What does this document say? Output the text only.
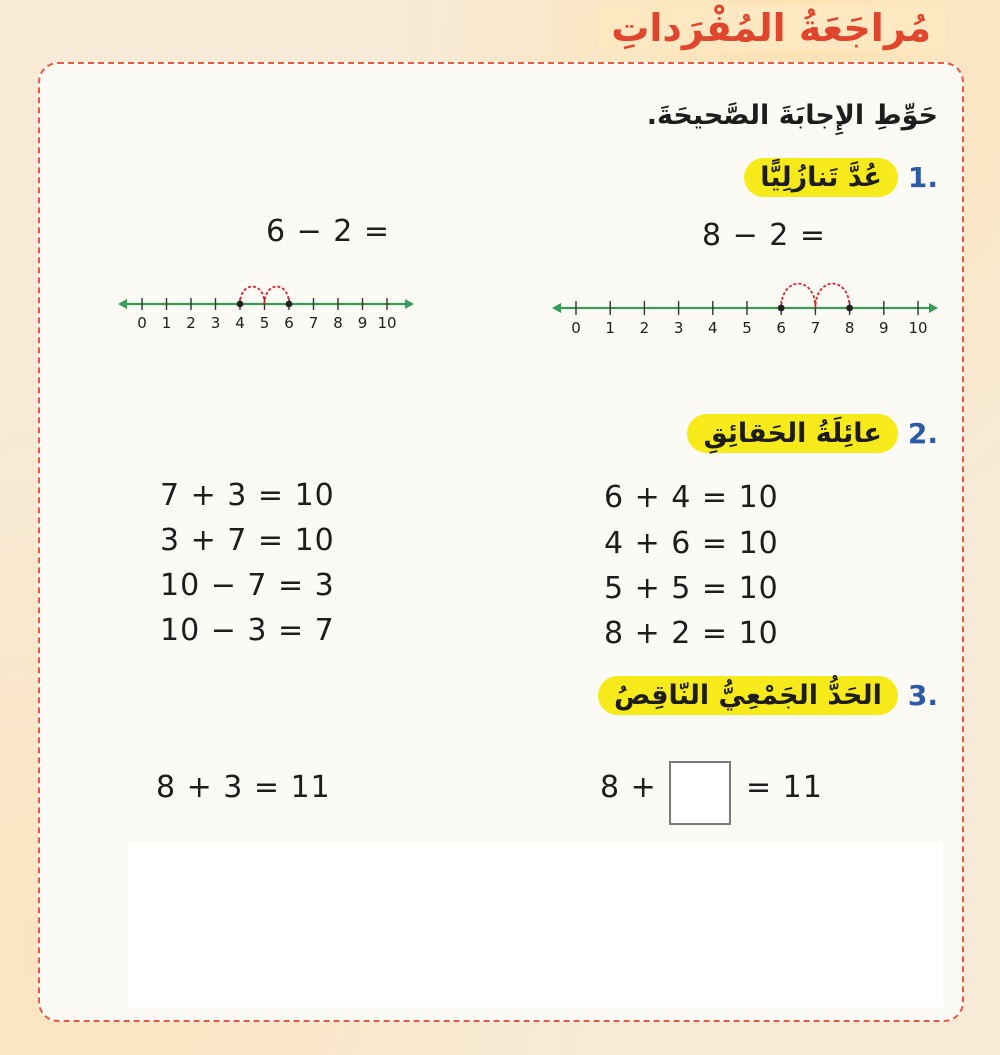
مُراجَعَةُ المُفْرَداتِ
حَوِّطِ الإِجابَةَ الصَّحيحَةَ.
1.
عُدَّ تَنازُلِيًّا
6 − 2 =	8 − 2 =
0 1 2 3 4 5 6 7 8 9 10	0 1 2 3 4 5 6 7 8 9 10
2.
عائِلَةُ الحَقائِقِ
7 + 3 = 10
3 + 7 = 10
10 − 7 = 3
10 − 3 = 7
6 + 4 = 10
4 + 6 = 10
5 + 5 = 10
8 + 2 = 10
3.
الحَدُّ الجَمْعِيُّ النّاقِصُ
8 + 3 = 11	8 +	= 11
